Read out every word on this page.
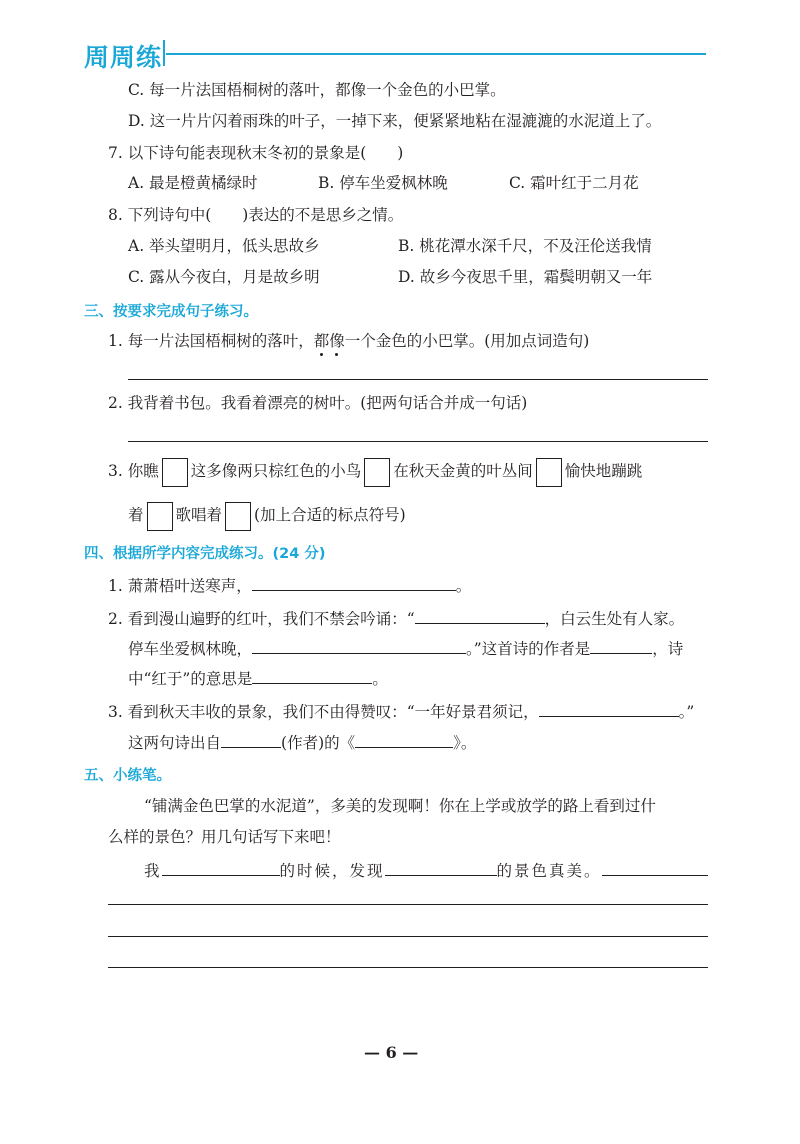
周周练
C. 每一片法国梧桐树的落叶，都像一个金色的小巴掌。
D. 这一片片闪着雨珠的叶子，一掉下来，便紧紧地粘在湿漉漉的水泥道上了。
7. 以下诗句能表现秋末冬初的景象是(　　)
A. 最是橙黄橘绿时	B. 停车坐爱枫林晚	C. 霜叶红于二月花
8. 下列诗句中(　　)表达的不是思乡之情。
A. 举头望明月，低头思故乡	B. 桃花潭水深千尺，不及汪伦送我情
C. 露从今夜白，月是故乡明	D. 故乡今夜思千里，霜鬓明朝又一年
三、按要求完成句子练习。
1. 每一片法国梧桐树的落叶，都像一个金色的小巴掌。(用加点词造句)
2. 我背着书包。我看着漂亮的树叶。(把两句话合并成一句话)
3. 你瞧 这多像两只棕红色的小鸟 在秋天金黄的叶丛间 愉快地蹦跳
着 歌唱着 (加上合适的标点符号)
四、根据所学内容完成练习。(24 分)
1. 萧萧梧叶送寒声，	。
2. 看到漫山遍野的红叶，我们不禁会吟诵：“	，白云生处有人家。
停车坐爱枫林晚，	。”这首诗的作者是	，诗
中“红于”的意思是	。
3. 看到秋天丰收的景象，我们不由得赞叹：“一年好景君须记，	。”
这两句诗出自	(作者)的《	》。
五、小练笔。
“铺满金色巴掌的水泥道”，多美的发现啊！你在上学或放学的路上看到过什
么样的景色？用几句话写下来吧！
我	的时候，发现	的景色真美。
— 6 —
